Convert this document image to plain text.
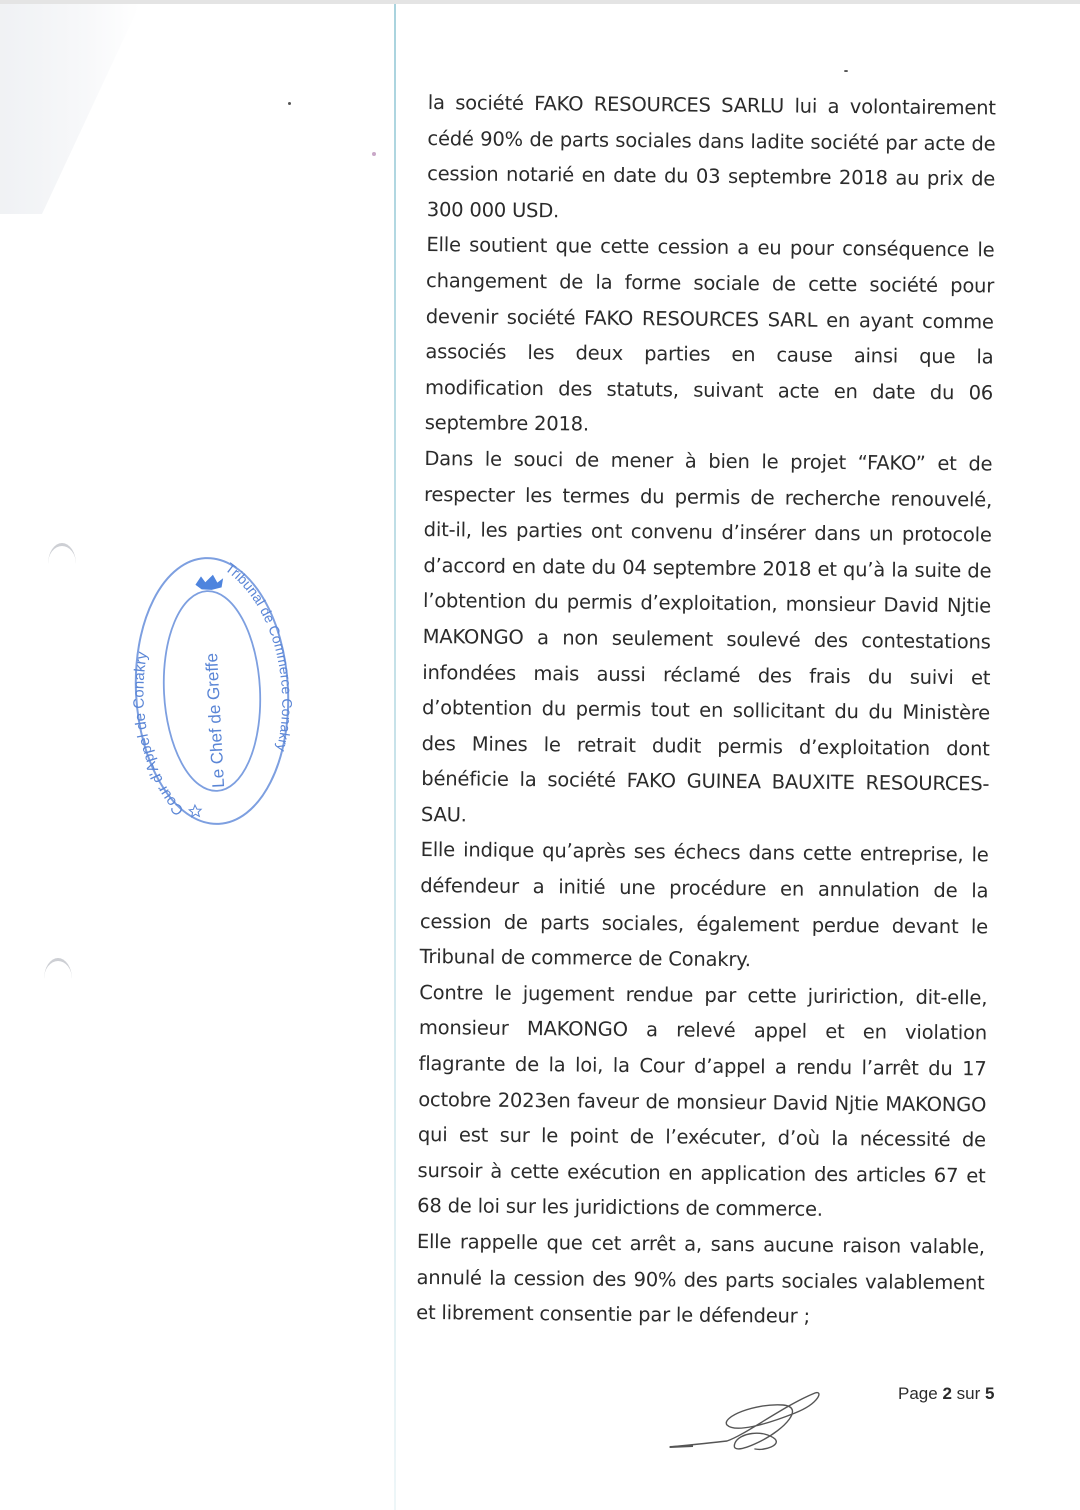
la société FAKO RESOURCES SARLU lui a volontairement cédé 90% de parts sociales dans ladite société par acte de cession notarié en date du 03 septembre 2018 au prix de 300 000 USD.

Elle soutient que cette cession a eu pour conséquence le changement de la forme sociale de cette société pour devenir société FAKO RESOURCES SARL en ayant comme associés les deux parties en cause ainsi que la modification des statuts, suivant acte en date du 06 septembre 2018.

Dans le souci de mener à bien le projet “FAKO” et de respecter les termes du permis de recherche renouvelé, dit-il, les parties ont convenu d’insérer dans un protocole d’accord en date du 04 septembre 2018 et qu’à la suite de l’obtention du permis d’exploitation, monsieur David Njtie MAKONGO a non seulement soulevé des contestations infondées mais aussi réclamé des frais du suivi et d’obtention du permis tout en sollicitant du du Ministère des Mines le retrait dudit permis d’exploitation dont bénéficie la société FAKO GUINEA BAUXITE RESOURCES-SAU.

Elle indique qu’après ses échecs dans cette entreprise, le défendeur a initié une procédure en annulation de la cession de parts sociales, également perdue devant le Tribunal de commerce de Conakry.

Contre le jugement rendue par cette juririction, dit-elle, monsieur MAKONGO a relevé appel et en violation flagrante de la loi, la Cour d’appel a rendu l’arrêt du 17 octobre 2023en faveur de monsieur David Njtie MAKONGO qui est sur le point de l’exécuter, d’où la nécessité de sursoir à cette exécution en application des articles 67 et 68 de loi sur les juridictions de commerce.

Elle rappelle que cet arrêt a, sans aucune raison valable, annulé la cession des 90% des parts sociales valablement et librement consentie par le défendeur ;

Cour d'Appel de Conakry
Tribunal de Commerce Conakry
Le Chef de Greffe
Page 2 sur 5
